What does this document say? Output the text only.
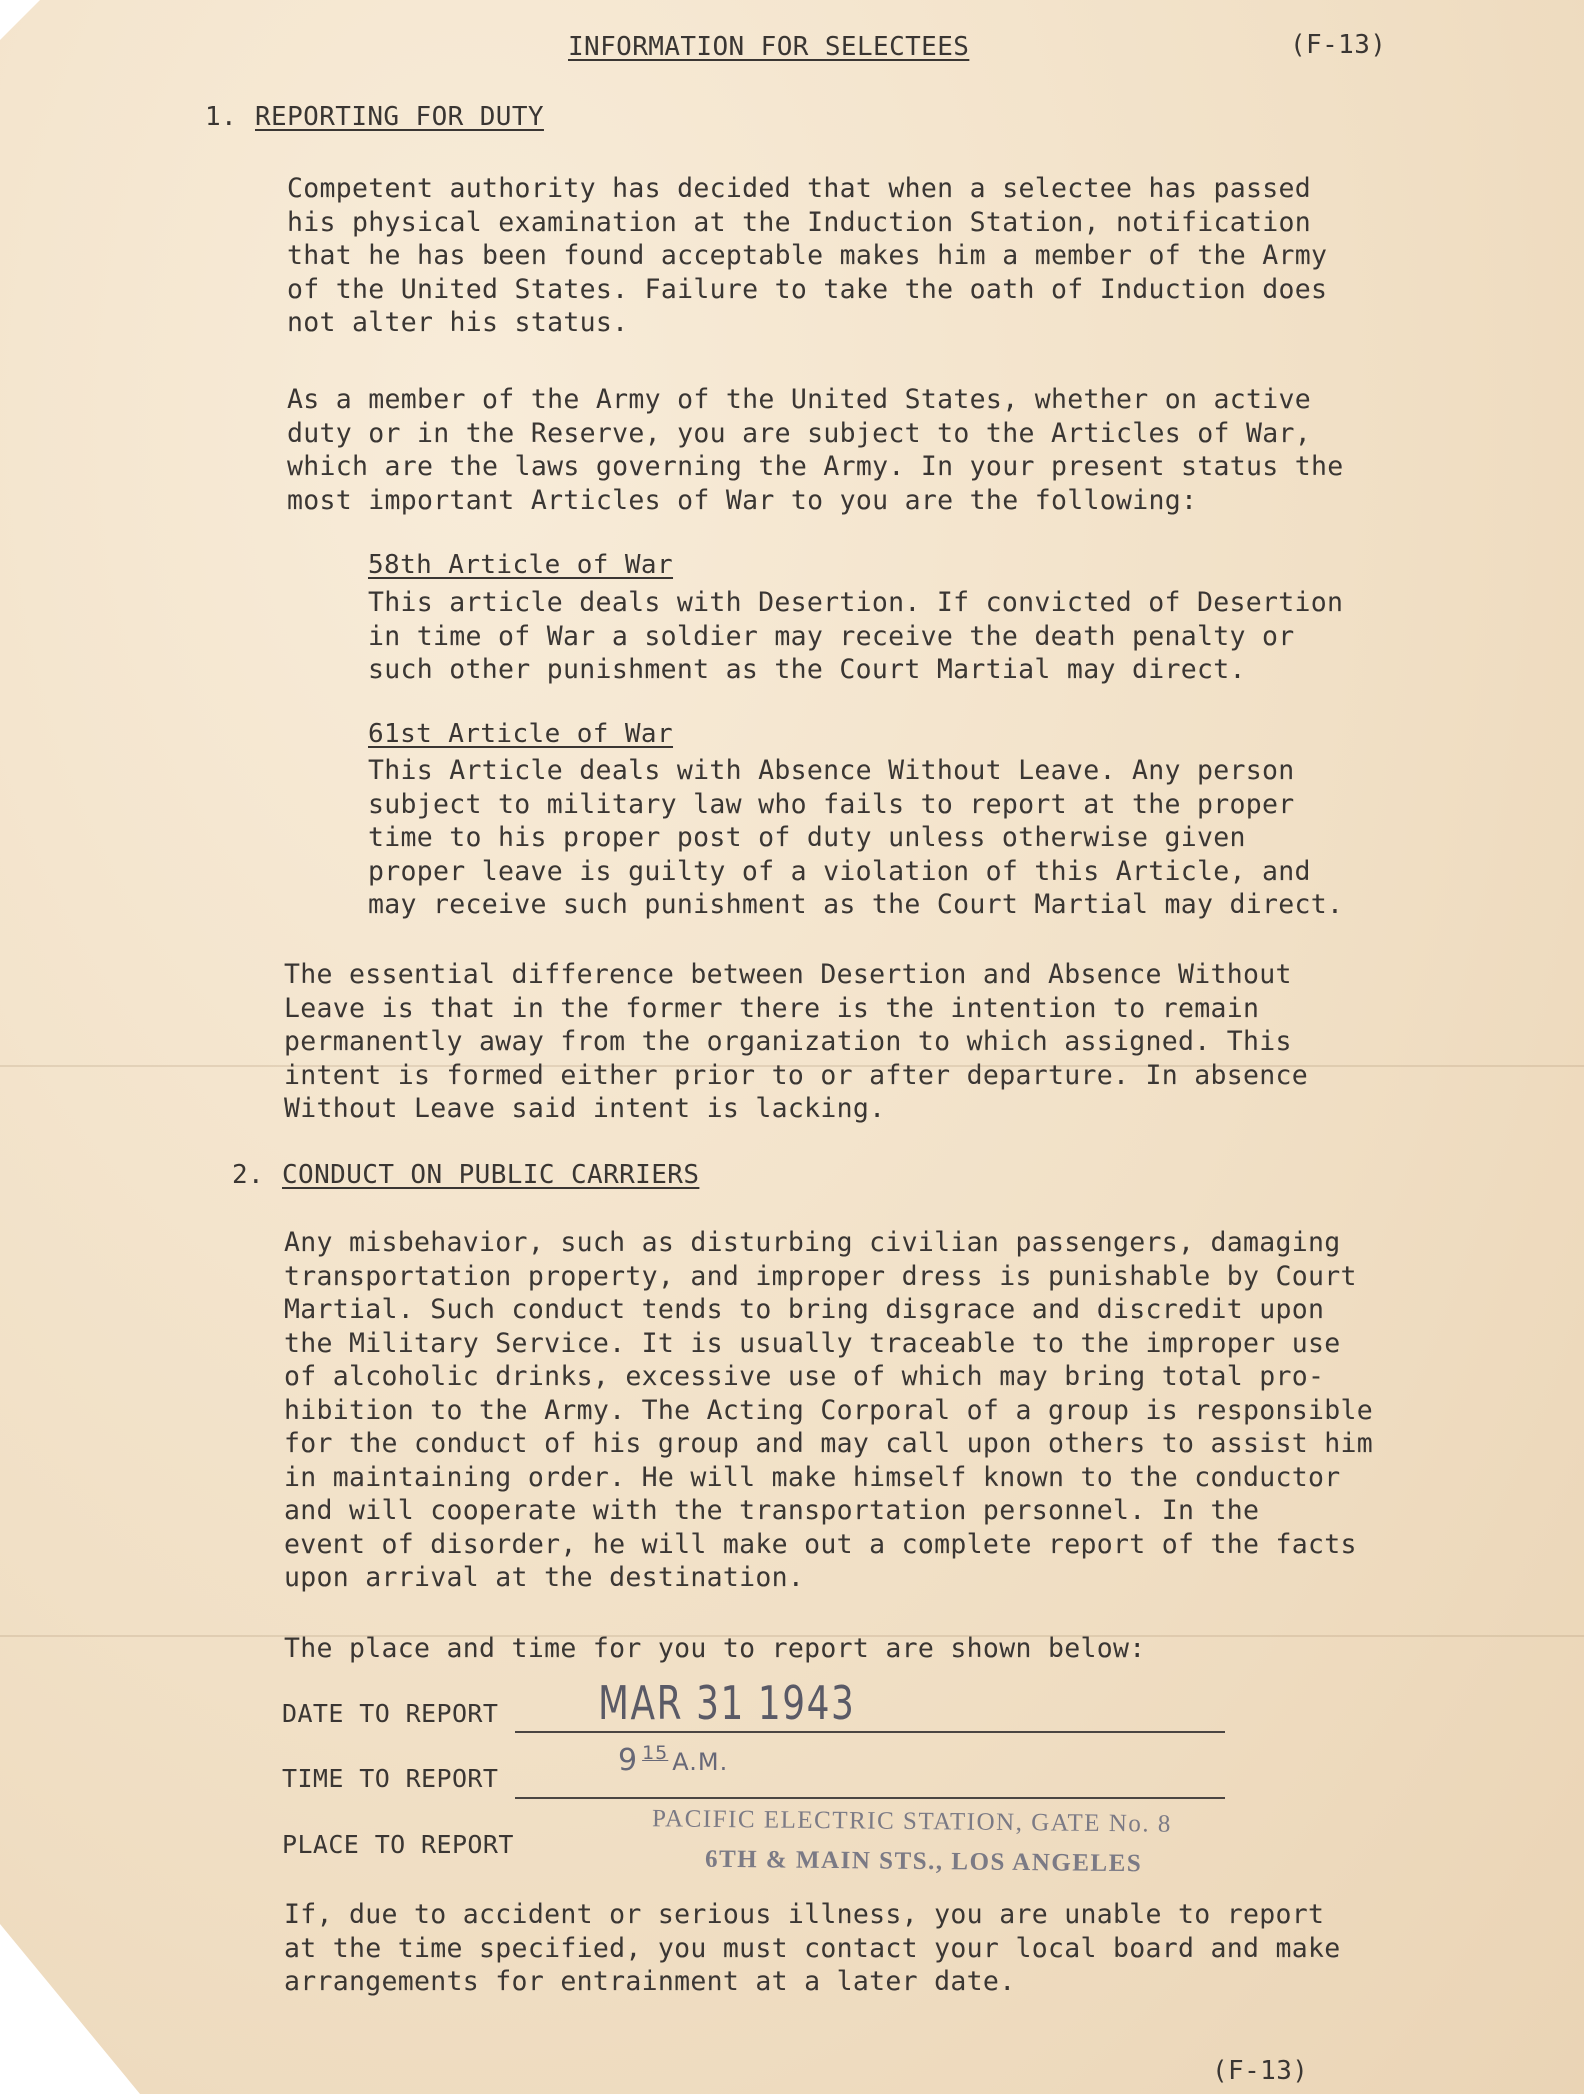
INFORMATION FOR SELECTEES	(F-13)
1. REPORTING FOR DUTY
Competent authority has decided that when a selectee has passed
his physical examination at the Induction Station, notification
that he has been found acceptable makes him a member of the Army
of the United States. Failure to take the oath of Induction does
not alter his status.
As a member of the Army of the United States, whether on active
duty or in the Reserve, you are subject to the Articles of War,
which are the laws governing the Army. In your present status the
most important Articles of War to you are the following:
58th Article of War
This article deals with Desertion. If convicted of Desertion
in time of War a soldier may receive the death penalty or
such other punishment as the Court Martial may direct.
61st Article of War
This Article deals with Absence Without Leave. Any person
subject to military law who fails to report at the proper
time to his proper post of duty unless otherwise given
proper leave is guilty of a violation of this Article, and
may receive such punishment as the Court Martial may direct.
The essential difference between Desertion and Absence Without
Leave is that in the former there is the intention to remain
permanently away from the organization to which assigned. This
intent is formed either prior to or after departure. In absence
Without Leave said intent is lacking.
2. CONDUCT ON PUBLIC CARRIERS
Any misbehavior, such as disturbing civilian passengers, damaging
transportation property, and improper dress is punishable by Court
Martial. Such conduct tends to bring disgrace and discredit upon
the Military Service. It is usually traceable to the improper use
of alcoholic drinks, excessive use of which may bring total pro-
hibition to the Army. The Acting Corporal of a group is responsible
for the conduct of his group and may call upon others to assist him
in maintaining order. He will make himself known to the conductor
and will cooperate with the transportation personnel. In the
event of disorder, he will make out a complete report of the facts
upon arrival at the destination.
The place and time for you to report are shown below:
DATE TO REPORT MAR 31 1943
TIME TO REPORT
9 $^{15}$ A.M.
PLACE TO REPORT
PACIFIC ELECTRIC STATION, GATE No. 8
6TH & MAIN STS., LOS ANGELES
If, due to accident or serious illness, you are unable to report
at the time specified, you must contact your local board and make
arrangements for entrainment at a later date.
(F-13)
